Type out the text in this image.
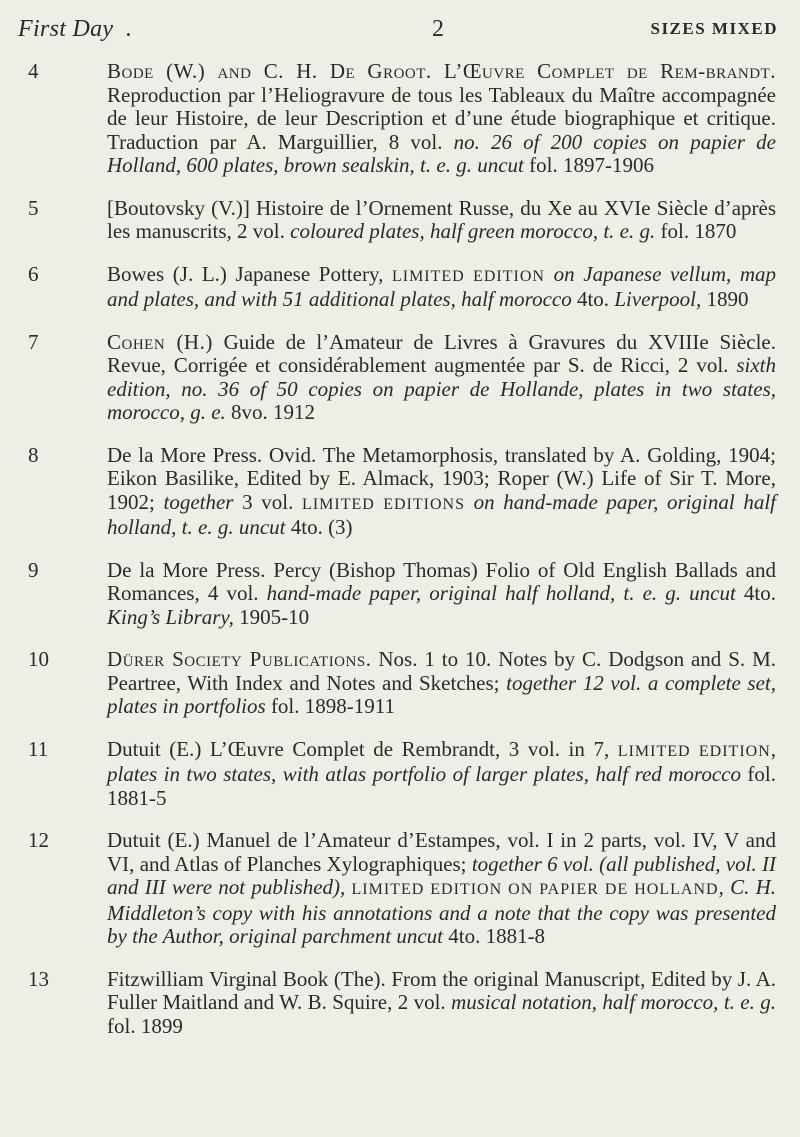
First Day .	2	SIZES MIXED
4	Bode (W.) and C. H. De Groot. L’Œuvre Complet de Rem-brandt. Reproduction par l’Heliogravure de tous les Tableaux du Maître accompagnée de leur Histoire, de leur Description et d’une étude biographique et critique. Traduction par A. Marguillier, 8 vol. no. 26 of 200 copies on papier de Holland, 600 plates, brown sealskin, t. e. g. uncut fol. 1897-1906
5	[Boutovsky (V.)] Histoire de l’Ornement Russe, du Xe au XVIe Siècle d’après les manuscrits, 2 vol. coloured plates, half green morocco, t. e. g. fol. 1870
6	Bowes (J. L.) Japanese Pottery, LIMITED EDITION on Japanese vellum, map and plates, and with 51 additional plates, half morocco 4to. Liverpool, 1890
7	Cohen (H.) Guide de l’Amateur de Livres à Gravures du XVIIIe Siècle. Revue, Corrigée et considérablement augmentée par S. de Ricci, 2 vol. sixth edition, no. 36 of 50 copies on papier de Hollande, plates in two states, morocco, g. e. 8vo. 1912
8	De la More Press. Ovid. The Metamorphosis, translated by A. Golding, 1904; Eikon Basilike, Edited by E. Almack, 1903; Roper (W.) Life of Sir T. More, 1902; together 3 vol. LIMITED EDITIONS on hand-made paper, original half holland, t. e. g. uncut 4to. (3)
9	De la More Press. Percy (Bishop Thomas) Folio of Old English Ballads and Romances, 4 vol. hand-made paper, original half holland, t. e. g. uncut 4to. King’s Library, 1905-10
10	Dürer Society Publications. Nos. 1 to 10. Notes by C. Dodgson and S. M. Peartree, With Index and Notes and Sketches; together 12 vol. a complete set, plates in portfolios fol. 1898-1911
11	Dutuit (E.) L’Œuvre Complet de Rembrandt, 3 vol. in 7, LIMITED EDITION, plates in two states, with atlas portfolio of larger plates, half red morocco fol. 1881-5
12	Dutuit (E.) Manuel de l’Amateur d’Estampes, vol. I in 2 parts, vol. IV, V and VI, and Atlas of Planches Xylographiques; together 6 vol. (all published, vol. II and III were not published), LIMITED EDITION ON PAPIER DE HOLLAND, C. H. Middleton’s copy with his annotations and a note that the copy was presented by the Author, original parchment uncut 4to. 1881-8
13	Fitzwilliam Virginal Book (The). From the original Manuscript, Edited by J. A. Fuller Maitland and W. B. Squire, 2 vol. musical notation, half morocco, t. e. g. fol. 1899
